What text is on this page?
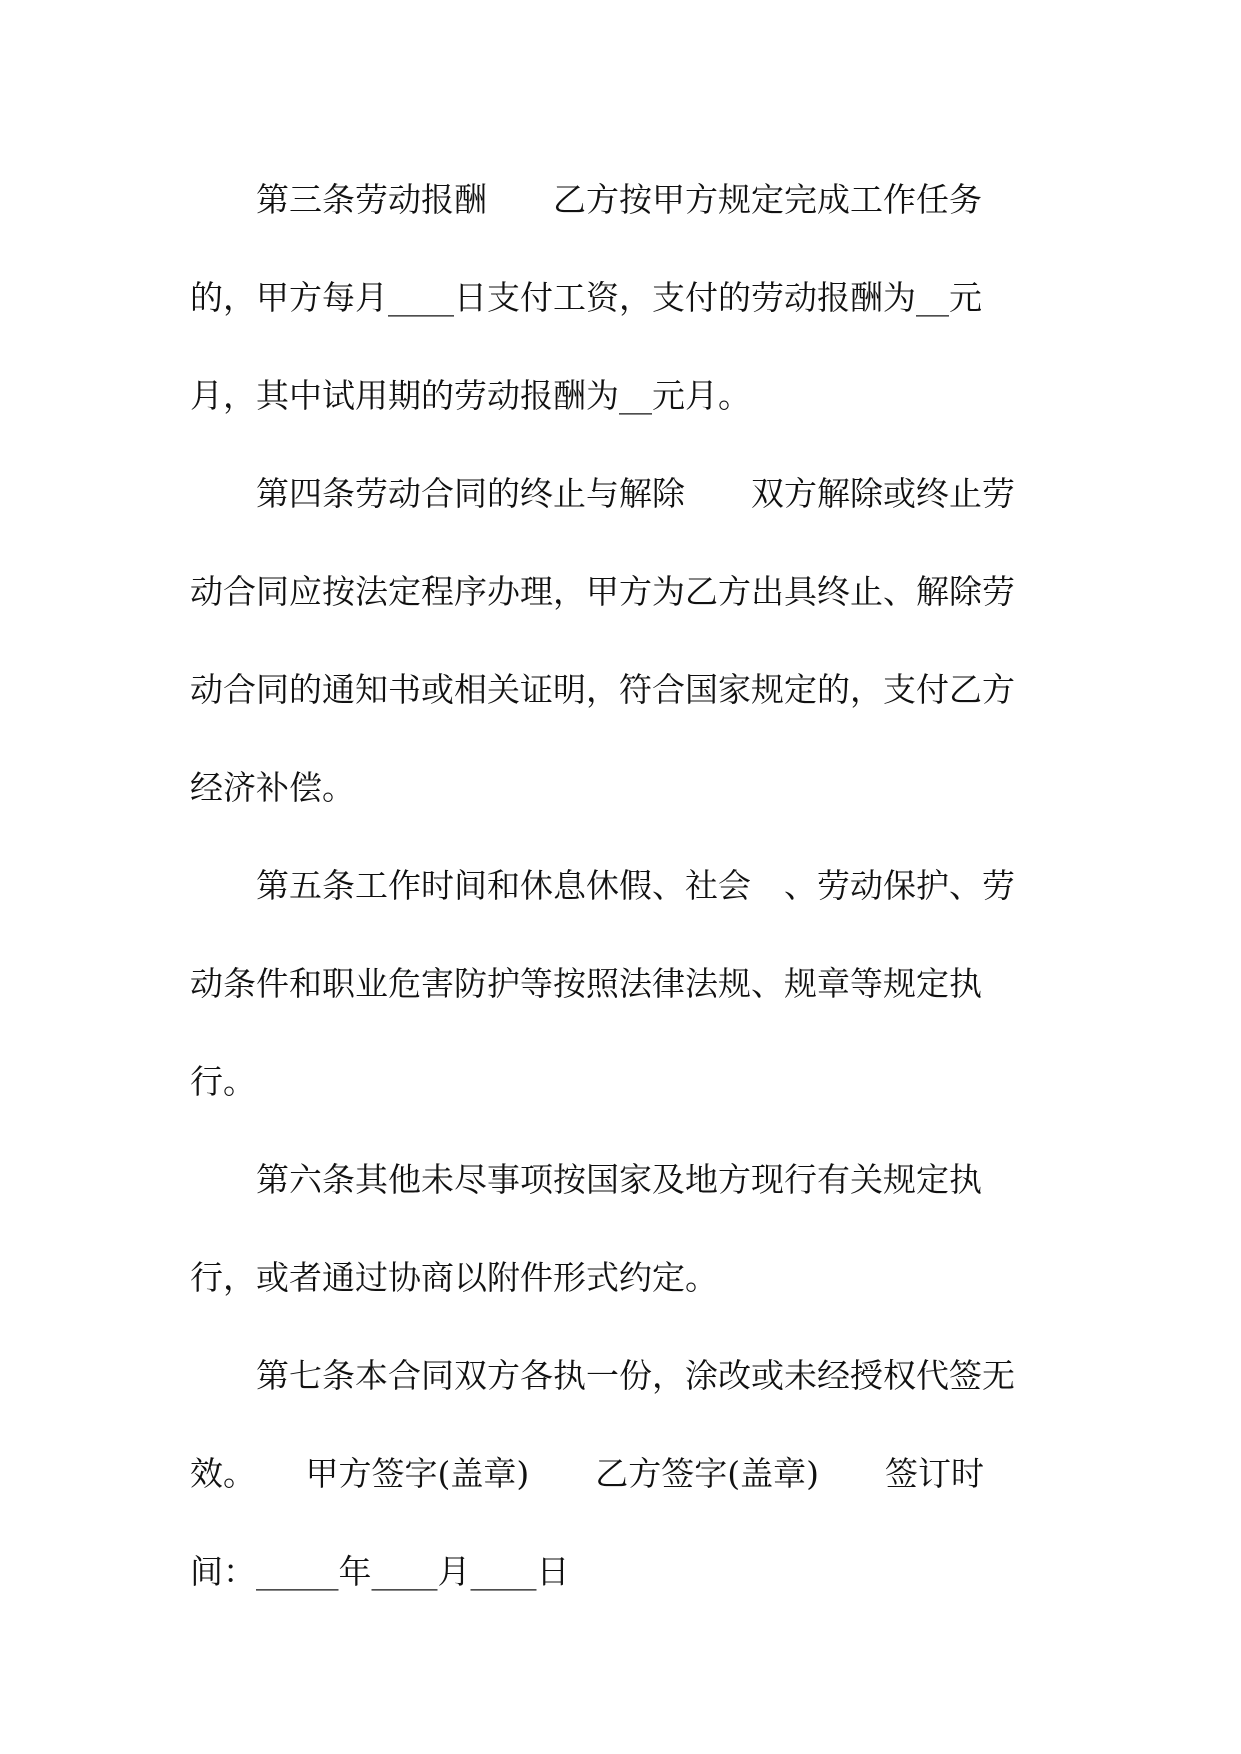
第三条劳动报酬　　乙方按甲方规定完成工作任务

的，甲方每月____日支付工资，支付的劳动报酬为__元

月，其中试用期的劳动报酬为__元月。

第四条劳动合同的终止与解除　　双方解除或终止劳

动合同应按法定程序办理，甲方为乙方出具终止、解除劳

动合同的通知书或相关证明，符合国家规定的，支付乙方

经济补偿。

第五条工作时间和休息休假、社会　、劳动保护、劳

动条件和职业危害防护等按照法律法规、规章等规定执

行。

第六条其他未尽事项按国家及地方现行有关规定执

行，或者通过协商以附件形式约定。

第七条本合同双方各执一份，涂改或未经授权代签无

效。　　甲方签字(盖章)　　乙方签字(盖章)　　签订时

间：_____年____月____日
